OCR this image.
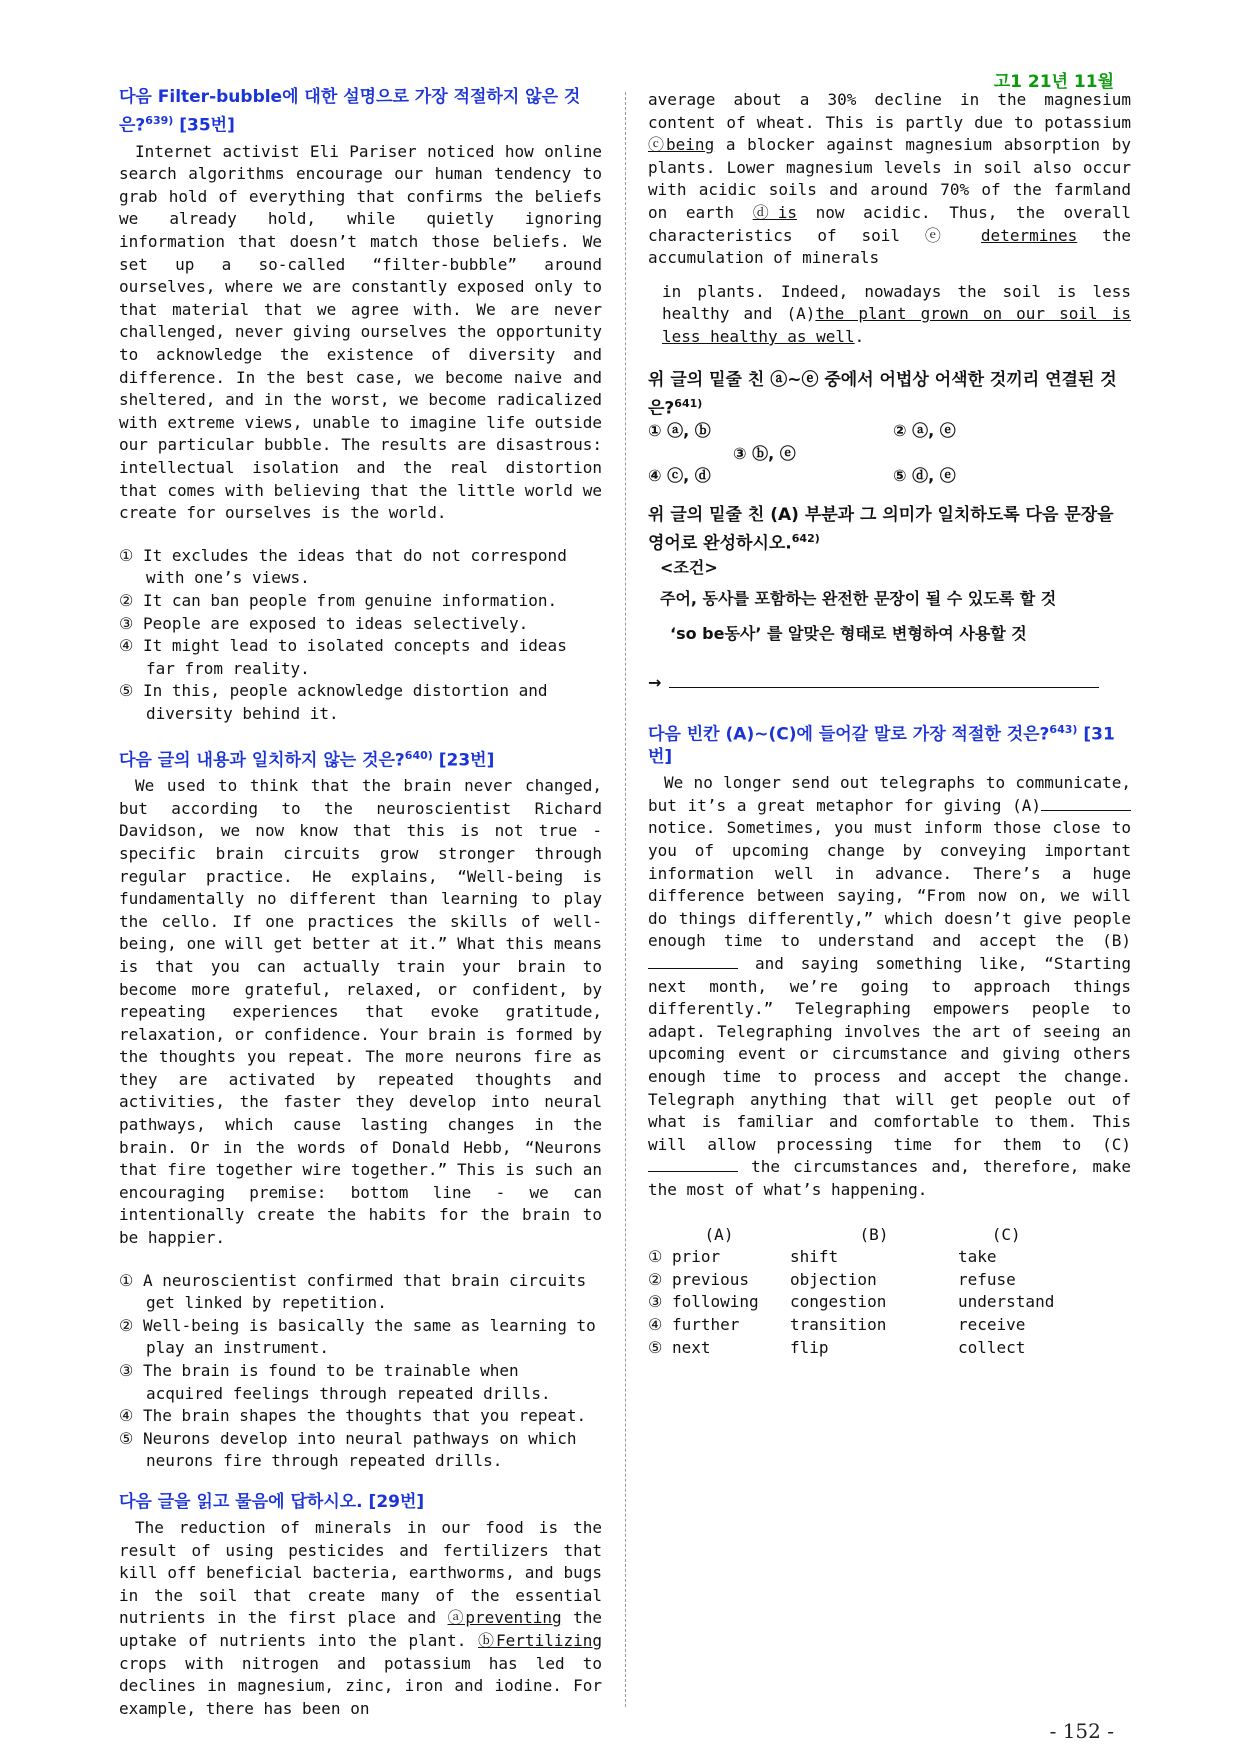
고1 21년 11월

다음 Filter-bubble에 대한 설명으로 가장 적절하지 않은 것은?$^{639)}$ [35번]

Internet activist Eli Pariser noticed how online search algorithms encourage our human tendency to grab hold of everything that confirms the beliefs we already hold, while quietly ignoring information that doesn’t match those beliefs. We set up a so-called “filter-bubble” around ourselves, where we are constantly exposed only to that material that we agree with. We are never challenged, never giving ourselves the opportunity to acknowledge the existence of diversity and difference. In the best case, we become naive and sheltered, and in the worst, we become radicalized with extreme views, unable to imagine life outside our particular bubble. The results are disastrous: intellectual isolation and the real distortion that comes with believing that the little world we create for ourselves is the world.

① It excludes the ideas that do not correspond with one’s views.
② It can ban people from genuine information.
③ People are exposed to ideas selectively.
④ It might lead to isolated concepts and ideas far from reality.
⑤ In this, people acknowledge distortion and diversity behind it.

다음 글의 내용과 일치하지 않는 것은?$^{640)}$ [23번]

We used to think that the brain never changed, but according to the neuroscientist Richard Davidson, we now know that this is not true - specific brain circuits grow stronger through regular practice. He explains, “Well-being is fundamentally no different than learning to play the cello. If one practices the skills of well-being, one will get better at it.” What this means is that you can actually train your brain to become more grateful, relaxed, or confident, by repeating experiences that evoke gratitude, relaxation, or confidence. Your brain is formed by the thoughts you repeat. The more neurons fire as they are activated by repeated thoughts and activities, the faster they develop into neural pathways, which cause lasting changes in the brain. Or in the words of Donald Hebb, “Neurons that fire together wire together.” This is such an encouraging premise: bottom line - we can intentionally create the habits for the brain to be happier.

① A neuroscientist confirmed that brain circuits get linked by repetition.
② Well-being is basically the same as learning to play an instrument.
③ The brain is found to be trainable when acquired feelings through repeated drills.
④ The brain shapes the thoughts that you repeat.
⑤ Neurons develop into neural pathways on which neurons fire through repeated drills.

다음 글을 읽고 물음에 답하시오. [29번]

The reduction of minerals in our food is the result of using pesticides and fertilizers that kill off beneficial bacteria, earthworms, and bugs in the soil that create many of the essential nutrients in the first place and ⓐpreventing the uptake of nutrients into the plant. ⓑFertilizing crops with nitrogen and potassium has led to declines in magnesium, zinc, iron and iodine. For example, there has been on

average about a 30% decline in the magnesium content of wheat. This is partly due to potassium ⓒbeing a blocker against magnesium absorption by plants. Lower magnesium levels in soil also occur with acidic soils and around 70% of the farmland on earth ⓓis now acidic. Thus, the overall characteristics of soil ⓔ determines the accumulation of minerals

in plants. Indeed, nowadays the soil is less healthy and (A)the plant grown on our soil is less healthy as well.

위 글의 밑줄 친 ⓐ~ⓔ 중에서 어법상 어색한 것끼리 연결된 것은?$^{641)}$

① ⓐ, ⓑ	② ⓐ, ⓔ
③ ⓑ, ⓔ
④ ⓒ, ⓓ	⑤ ⓓ, ⓔ

위 글의 밑줄 친 (A) 부분과 그 의미가 일치하도록 다음 문장을 영어로 완성하시오.$^{642)}$

<조건>
주어, 동사를 포함하는 완전한 문장이 될 수 있도록 할 것
‘so be동사’ 를 알맞은 형태로 변형하여 사용할 것
→

다음 빈칸 (A)~(C)에 들어갈 말로 가장 적절한 것은?$^{643)}$ [31번]

We no longer send out telegraphs to communicate, but it’s a great metaphor for giving (A) notice. Sometimes, you must inform those close to you of upcoming change by conveying important information well in advance. There’s a huge difference between saying, “From now on, we will do things differently,” which doesn’t give people enough time to understand and accept the (B) and saying something like, “Starting next month, we’re going to approach things differently.” Telegraphing empowers people to adapt. Telegraphing involves the art of seeing an upcoming event or circumstance and giving others enough time to process and accept the change. Telegraph anything that will get people out of what is familiar and comfortable to them. This will allow processing time for them to (C) the circumstances and, therefore, make the most of what’s happening.

(A)	(B)	(C)
① prior	shift	take
② previous	objection	refuse
③ following	congestion	understand
④ further	transition	receive
⑤ next	flip	collect
- 152 -
